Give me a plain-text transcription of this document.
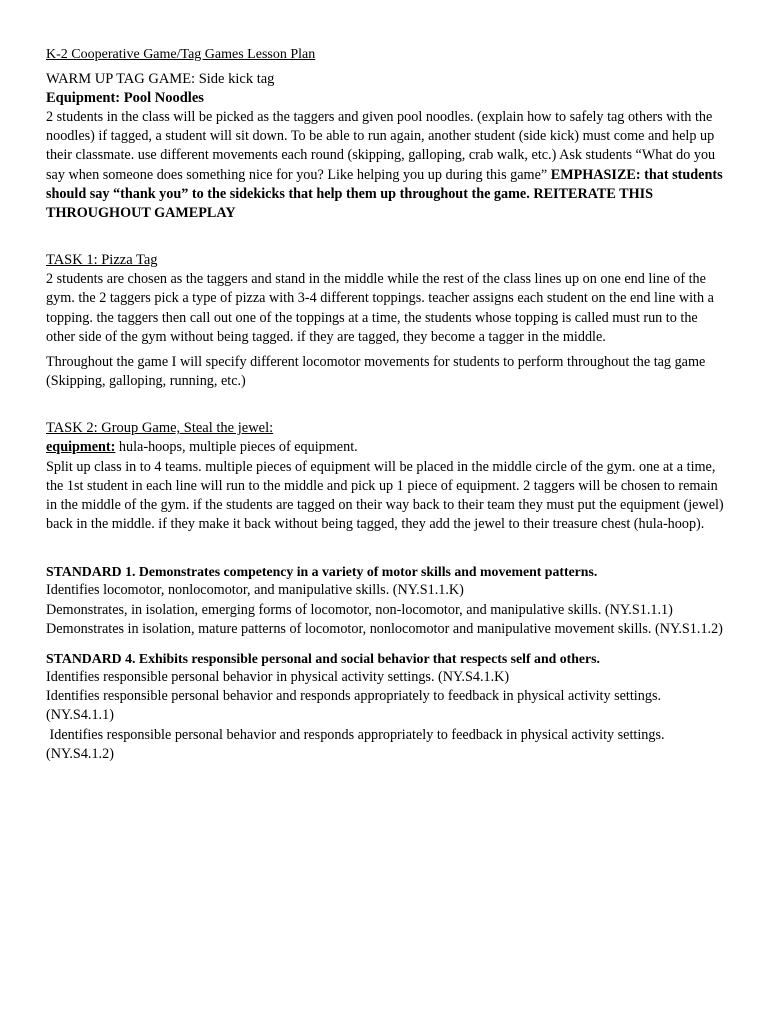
K-2 Cooperative Game/Tag Games Lesson Plan
WARM UP TAG GAME: Side kick tag
Equipment: Pool Noodles

2 students in the class will be picked as the taggers and given pool noodles. (explain how to safely tag others with the noodles) if tagged, a student will sit down. To be able to run again, another student (side kick) must come and help up their classmate. use different movements each round (skipping, galloping, crab walk, etc.) Ask students “What do you say when someone does something nice for you? Like helping you up during this game” EMPHASIZE: that students should say “thank you” to the sidekicks that help them up throughout the game. REITERATE THIS THROUGHOUT GAMEPLAY

TASK 1: Pizza Tag

2 students are chosen as the taggers and stand in the middle while the rest of the class lines up on one end line of the gym. the 2 taggers pick a type of pizza with 3-4 different toppings. teacher assigns each student on the end line with a topping. the taggers then call out one of the toppings at a time, the students whose topping is called must run to the other side of the gym without being tagged. if they are tagged, they become a tagger in the middle.

Throughout the game I will specify different locomotor movements for students to perform throughout the tag game (Skipping, galloping, running, etc.)

TASK 2: Group Game, Steal the jewel:

equipment: hula-hoops, multiple pieces of equipment.

Split up class in to 4 teams. multiple pieces of equipment will be placed in the middle circle of the gym. one at a time, the 1st student in each line will run to the middle and pick up 1 piece of equipment. 2 taggers will be chosen to remain in the middle of the gym. if the students are tagged on their way back to their team they must put the equipment (jewel) back in the middle. if they make it back without being tagged, they add the jewel to their treasure chest (hula-hoop).

STANDARD 1. Demonstrates competency in a variety of motor skills and movement patterns.

Identifies locomotor, nonlocomotor, and manipulative skills. (NY.S1.1.K)

Demonstrates, in isolation, emerging forms of locomotor, non-locomotor, and manipulative skills. (NY.S1.1.1)

Demonstrates in isolation, mature patterns of locomotor, nonlocomotor and manipulative movement skills. (NY.S1.1.2)

STANDARD 4. Exhibits responsible personal and social behavior that respects self and others.

Identifies responsible personal behavior in physical activity settings. (NY.S4.1.K)

Identifies responsible personal behavior and responds appropriately to feedback in physical activity settings. (NY.S4.1.1)

Identifies responsible personal behavior and responds appropriately to feedback in physical activity settings. (NY.S4.1.2)
